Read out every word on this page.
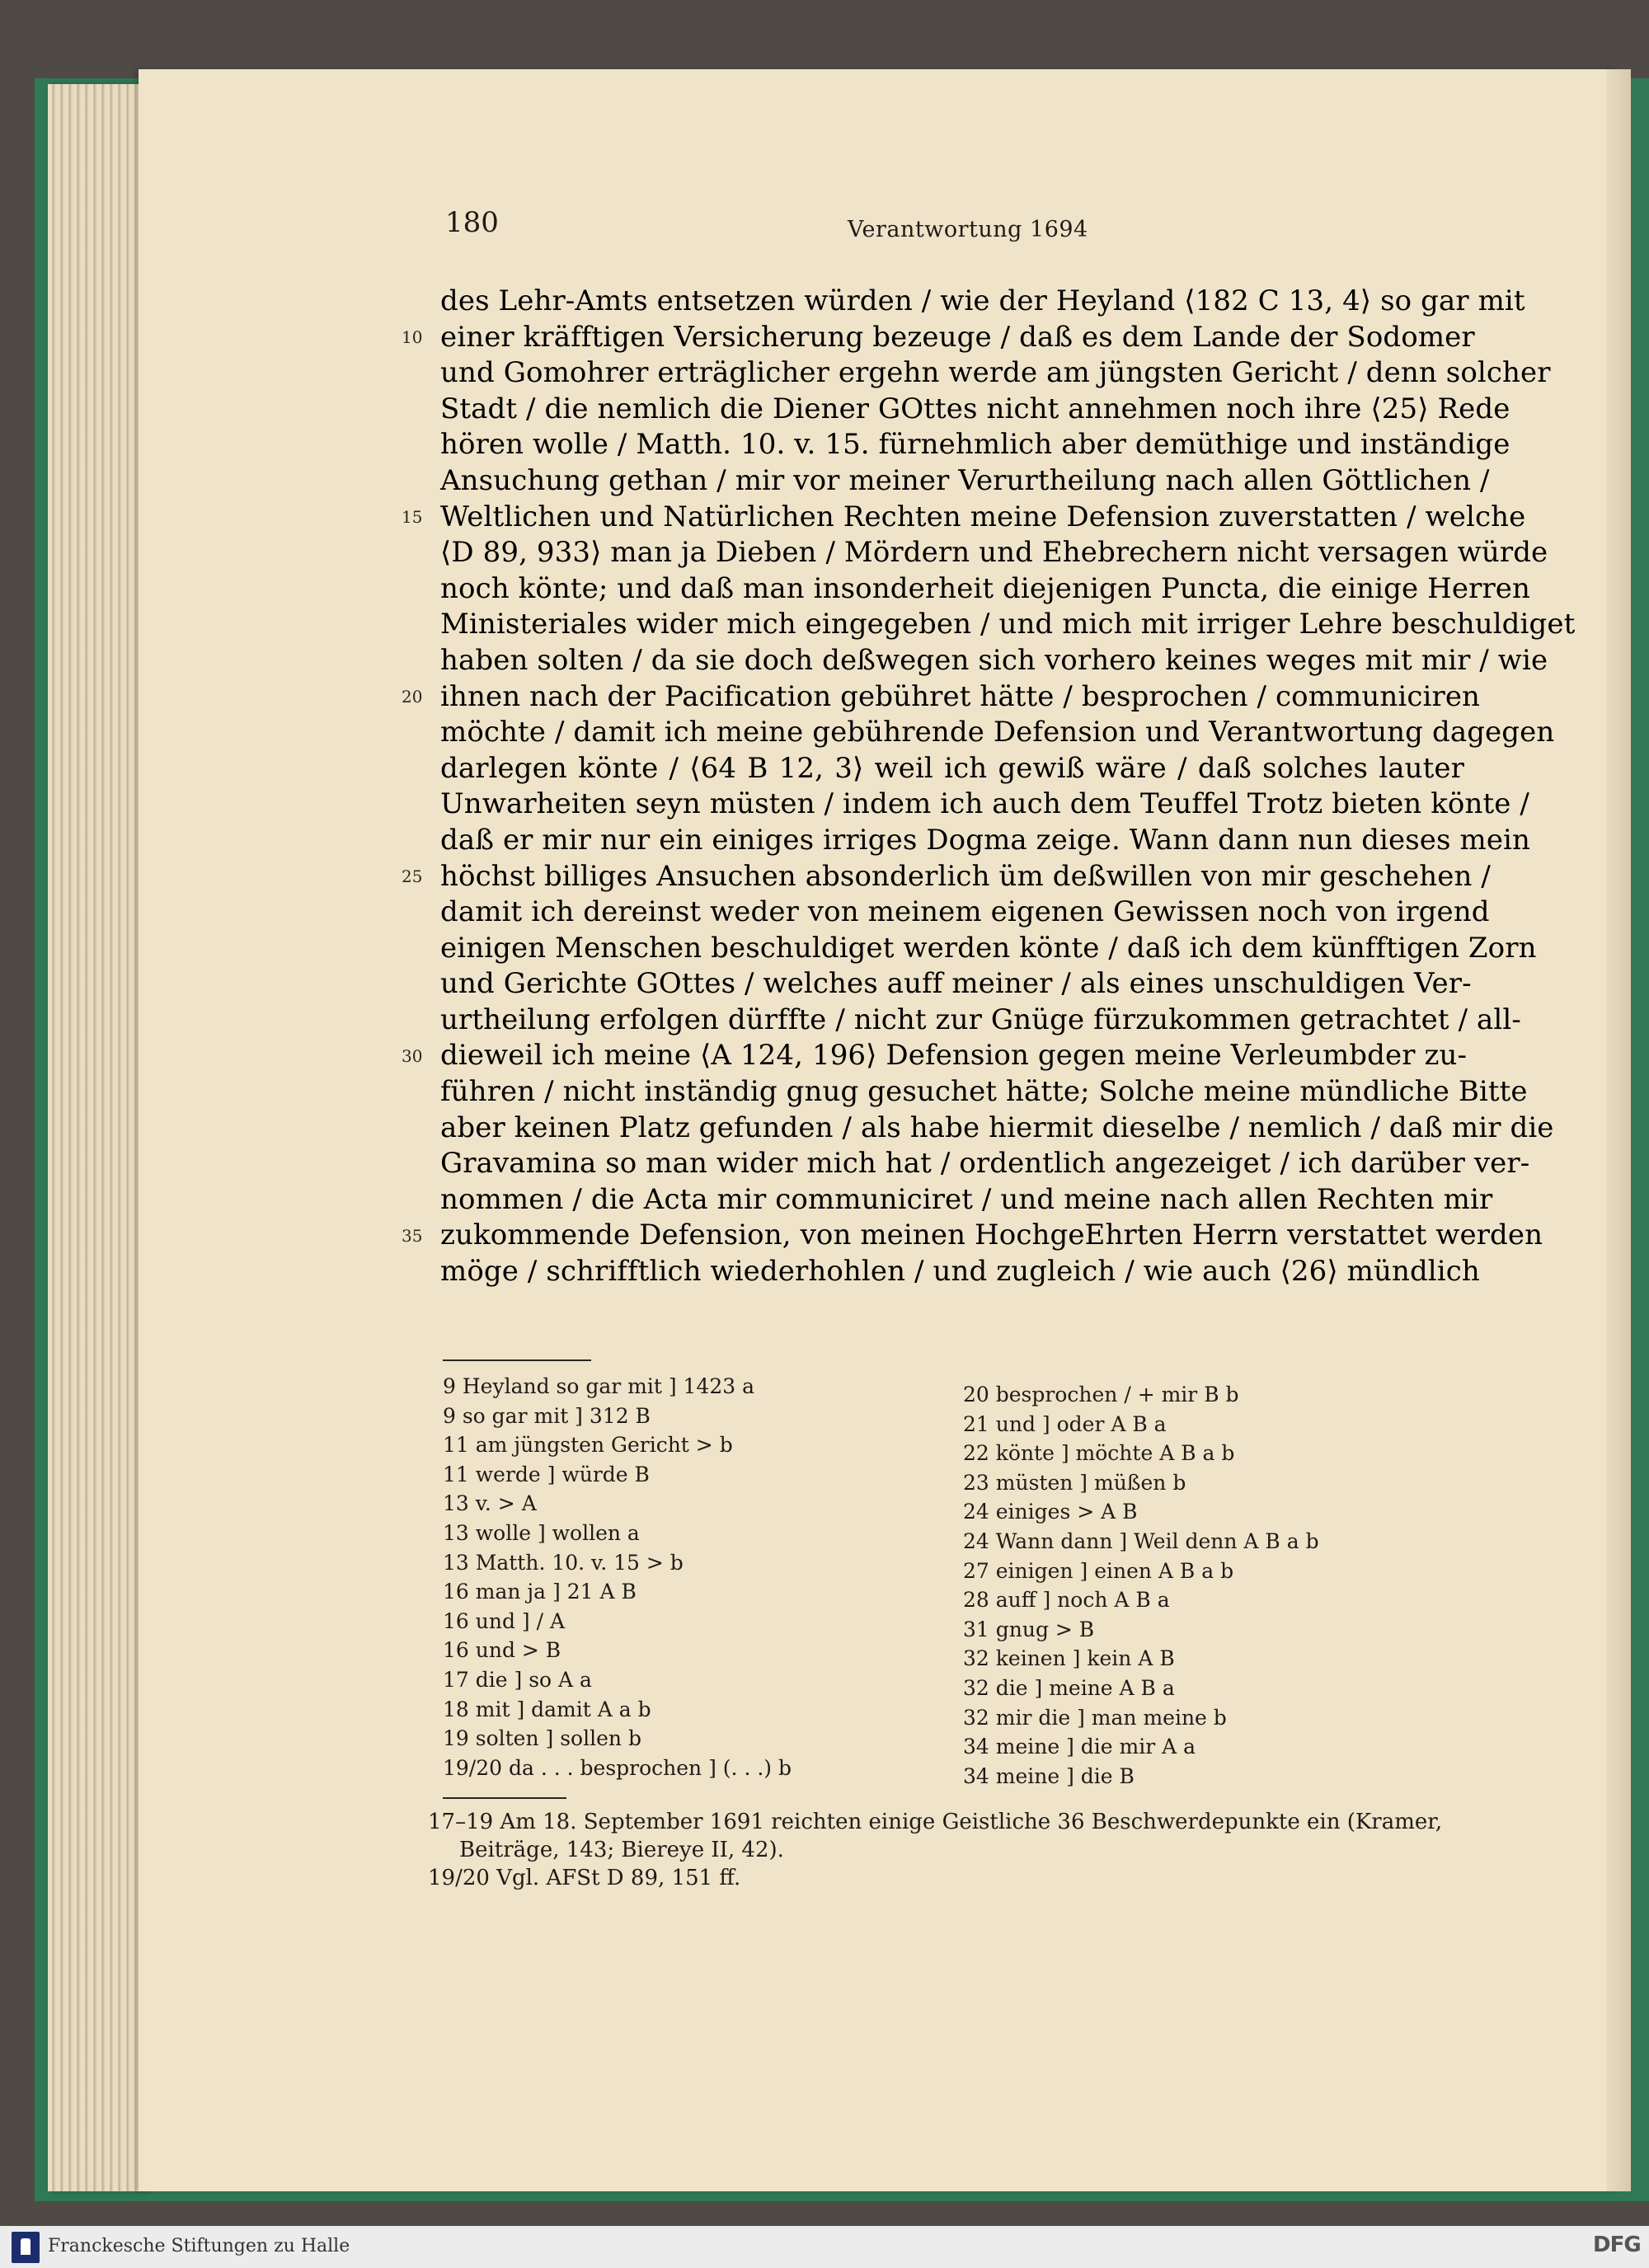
180	Verantwortung 1694
des Lehr-Amts entsetzen würden / wie der Heyland ⟨182 C 13, 4⟩ so gar mit
einer kräfftigen Versicherung bezeuge / daß es dem Lande der Sodomer
und Gomohrer erträglicher ergehn werde am jüngsten Gericht / denn solcher
Stadt / die nemlich die Diener GOttes nicht annehmen noch ihre ⟨25⟩ Rede
hören wolle / Matth. 10. v. 15. fürnehmlich aber demüthige und inständige
Ansuchung gethan / mir vor meiner Verurtheilung nach allen Göttlichen /
Weltlichen und Natürlichen Rechten meine Defension zuverstatten / welche
⟨D 89, 933⟩ man ja Dieben / Mördern und Ehebrechern nicht versagen würde
noch könte; und daß man insonderheit diejenigen Puncta, die einige Herren
Ministeriales wider mich eingegeben / und mich mit irriger Lehre beschuldiget
haben solten / da sie doch deßwegen sich vorhero keines weges mit mir / wie
ihnen nach der Pacification gebühret hätte / besprochen / communiciren
möchte / damit ich meine gebührende Defension und Verantwortung dagegen
darlegen könte / ⟨64 B 12, 3⟩ weil ich gewiß wäre / daß solches lauter
Unwarheiten seyn müsten / indem ich auch dem Teuffel Trotz bieten könte /
daß er mir nur ein einiges irriges Dogma zeige. Wann dann nun dieses mein
höchst billiges Ansuchen absonderlich üm deßwillen von mir geschehen /
damit ich dereinst weder von meinem eigenen Gewissen noch von irgend
einigen Menschen beschuldiget werden könte / daß ich dem künfftigen Zorn
und Gerichte GOttes / welches auff meiner / als eines unschuldigen Ver-
urtheilung erfolgen dürffte / nicht zur Gnüge fürzukommen getrachtet / all-
dieweil ich meine ⟨A 124, 196⟩ Defension gegen meine Verleumbder zu-
führen / nicht inständig gnug gesuchet hätte; Solche meine mündliche Bitte
aber keinen Platz gefunden / als habe hiermit dieselbe / nemlich / daß mir die
Gravamina so man wider mich hat / ordentlich angezeiget / ich darüber ver-
nommen / die Acta mir communiciret / und meine nach allen Rechten mir
zukommende Defension, von meinen HochgeEhrten Herrn verstattet werden
möge / schrifftlich wiederhohlen / und zugleich / wie auch ⟨26⟩ mündlich
10
15
20
25
30
35
9 Heyland so gar mit ] 1423 a
9 so gar mit ] 312 B
11 am jüngsten Gericht > b
11 werde ] würde B
13 v. > A
13 wolle ] wollen a
13 Matth. 10. v. 15 > b
16 man ja ] 21 A B
16 und ] / A
16 und > B
17 die ] so A a
18 mit ] damit A a b
19 solten ] sollen b
19/20 da . . . besprochen ] (. . .) b
20 besprochen / + mir B b
21 und ] oder A B a
22 könte ] möchte A B a b
23 müsten ] müßen b
24 einiges > A B
24 Wann dann ] Weil denn A B a b
27 einigen ] einen A B a b
28 auff ] noch A B a
31 gnug > B
32 keinen ] kein A B
32 die ] meine A B a
32 mir die ] man meine b
34 meine ] die mir A a
34 meine ] die B
17–19 Am 18. September 1691 reichten einige Geistliche 36 Beschwerdepunkte ein (Kramer,
Beiträge, 143; Biereye II, 42).
19/20 Vgl. AFSt D 89, 151 ff.
Franckesche Stiftungen zu Halle	DFG
